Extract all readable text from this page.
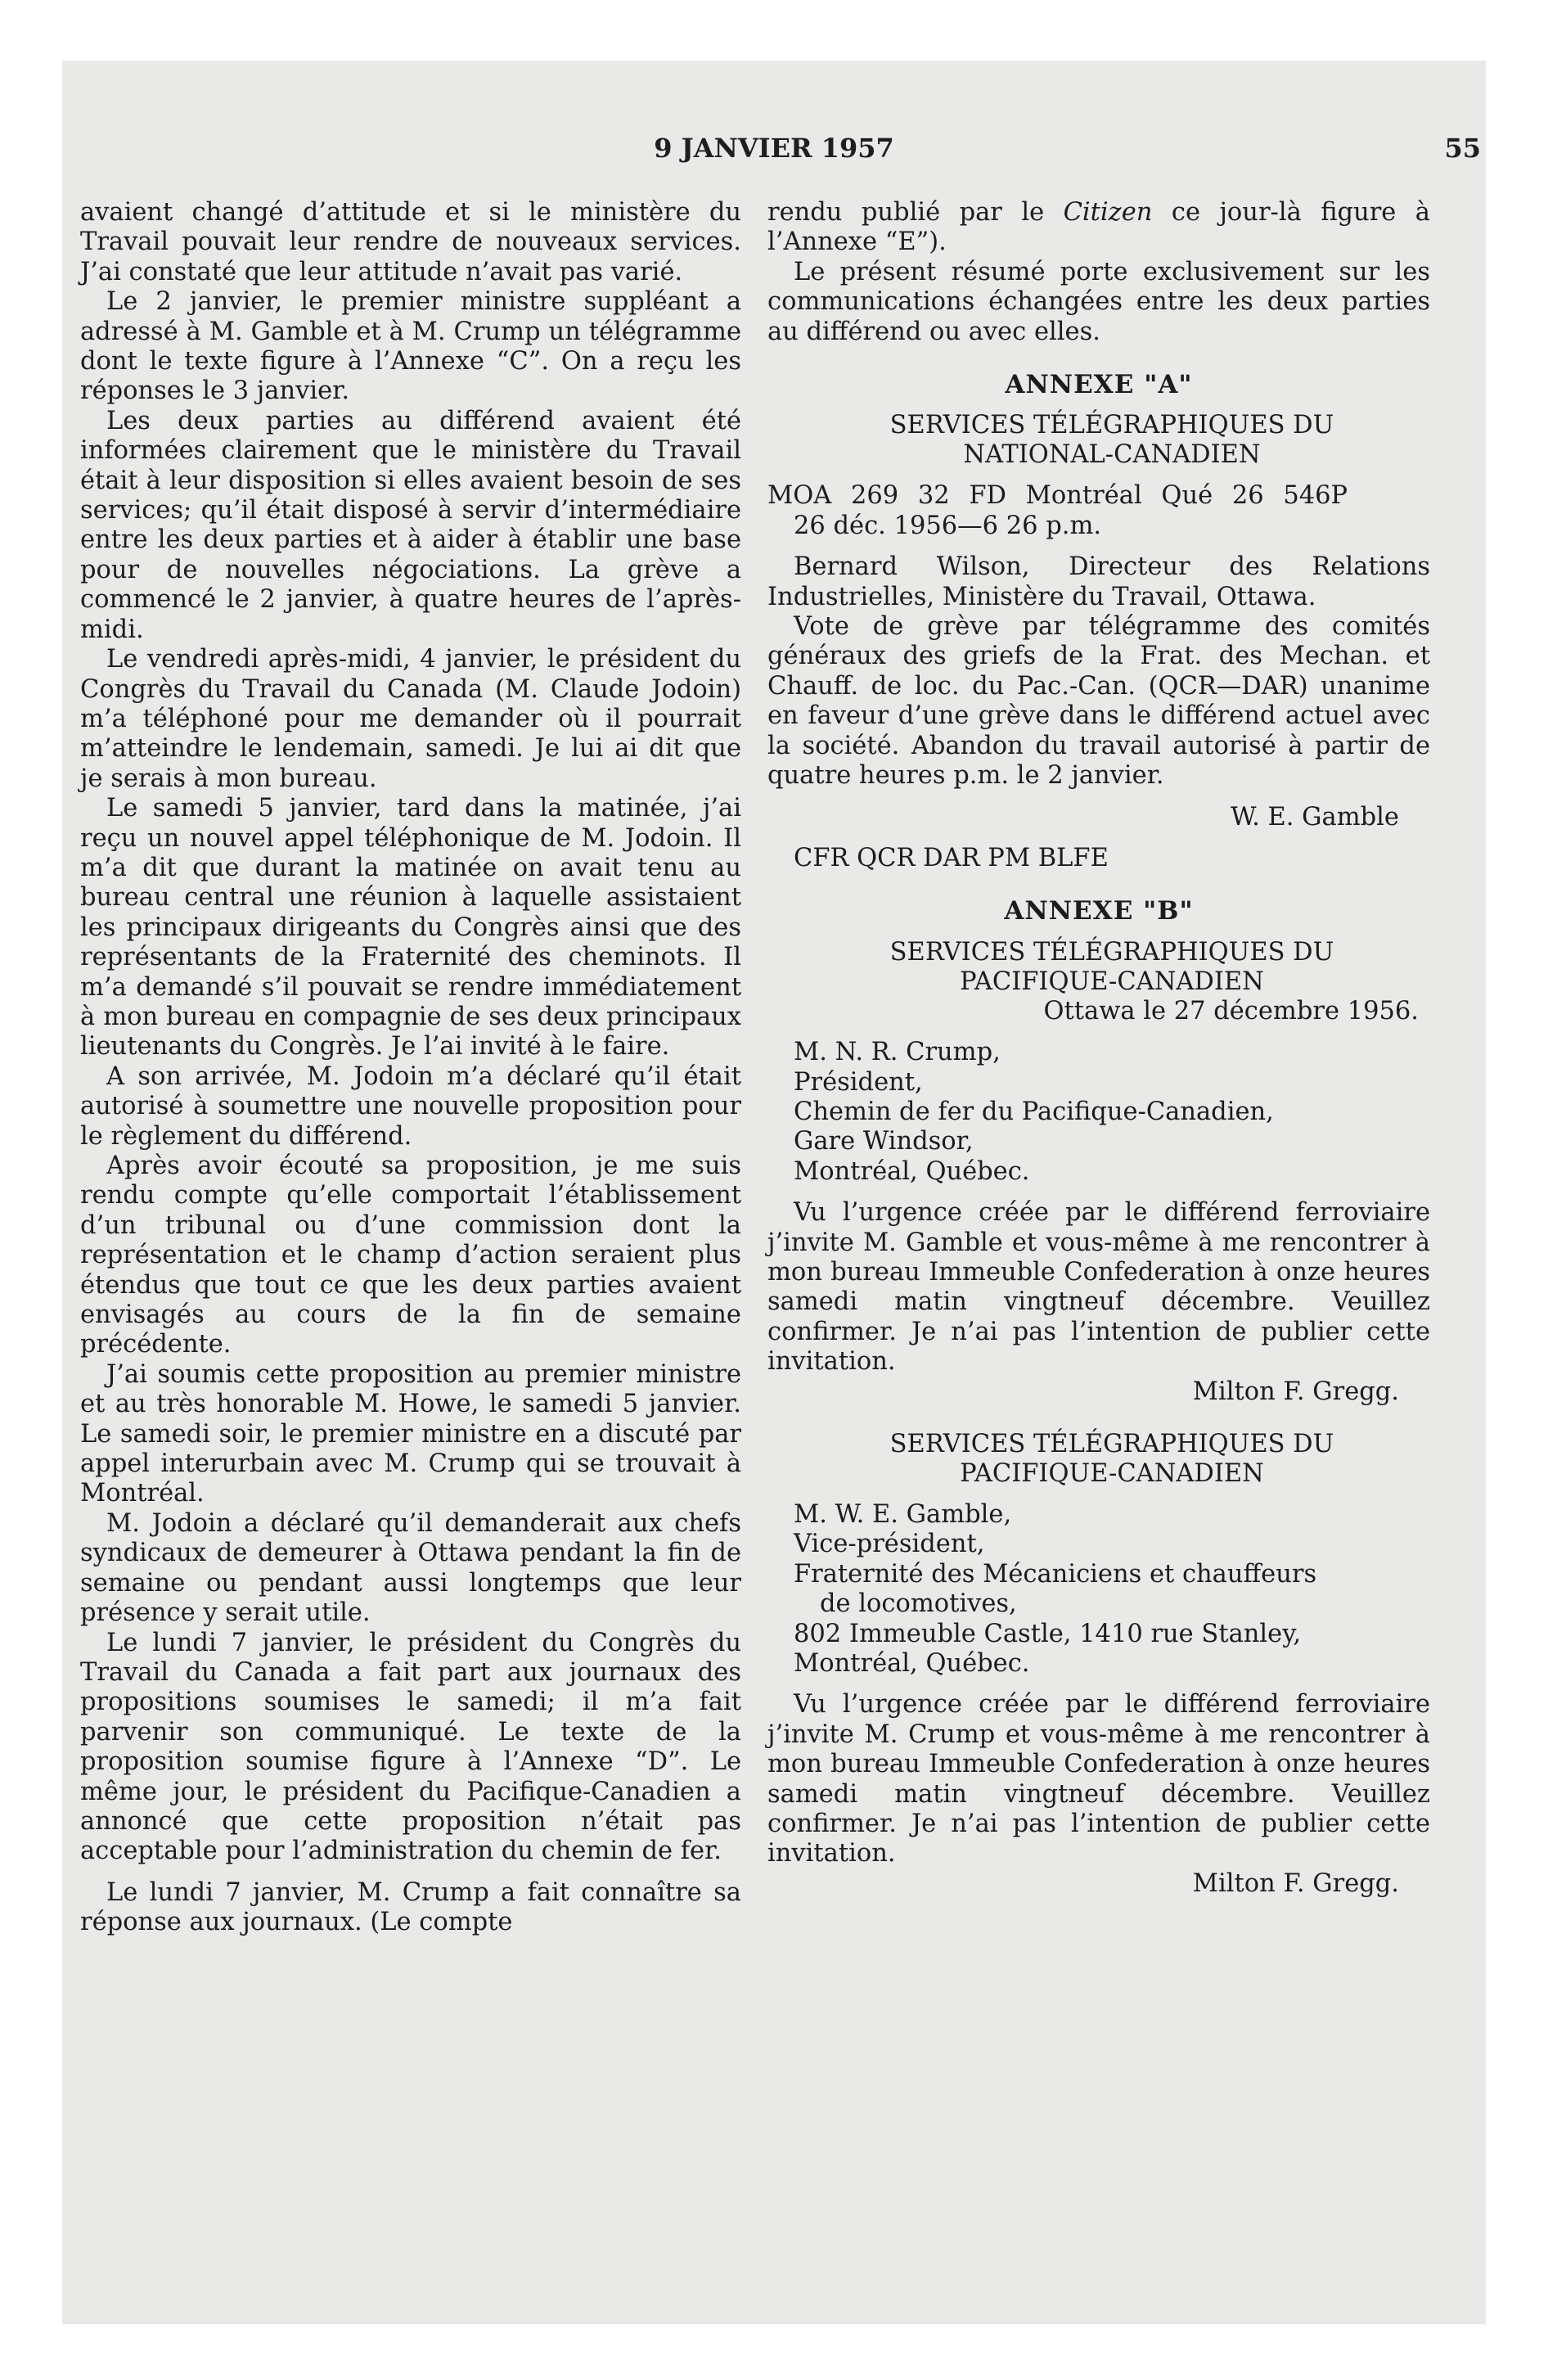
9 JANVIER 1957	55

avaient changé d’attitude et si le ministère du Travail pouvait leur rendre de nouveaux services. J’ai constaté que leur attitude n’avait pas varié.

Le 2 janvier, le premier ministre suppléant a adressé à M. Gamble et à M. Crump un télégramme dont le texte figure à l’Annexe “C”. On a reçu les réponses le 3 janvier.

Les deux parties au différend avaient été informées clairement que le ministère du Travail était à leur disposition si elles avaient besoin de ses services; qu’il était disposé à servir d’intermédiaire entre les deux parties et à aider à établir une base pour de nouvelles négociations. La grève a commencé le 2 janvier, à quatre heures de l’après-midi.

Le vendredi après-midi, 4 janvier, le président du Congrès du Travail du Canada (M. Claude Jodoin) m’a téléphoné pour me demander où il pourrait m’atteindre le lendemain, samedi. Je lui ai dit que je serais à mon bureau.

Le samedi 5 janvier, tard dans la matinée, j’ai reçu un nouvel appel téléphonique de M. Jodoin. Il m’a dit que durant la matinée on avait tenu au bureau central une réunion à laquelle assistaient les principaux dirigeants du Congrès ainsi que des représentants de la Fraternité des cheminots. Il m’a demandé s’il pouvait se rendre immédiatement à mon bureau en compagnie de ses deux principaux lieutenants du Congrès. Je l’ai invité à le faire.

A son arrivée, M. Jodoin m’a déclaré qu’il était autorisé à soumettre une nouvelle proposition pour le règlement du différend.

Après avoir écouté sa proposition, je me suis rendu compte qu’elle comportait l’établissement d’un tribunal ou d’une commission dont la représentation et le champ d’action seraient plus étendus que tout ce que les deux parties avaient envisagés au cours de la fin de semaine précédente.

J’ai soumis cette proposition au premier ministre et au très honorable M. Howe, le samedi 5 janvier. Le samedi soir, le premier ministre en a discuté par appel interurbain avec M. Crump qui se trouvait à Montréal.

M. Jodoin a déclaré qu’il demanderait aux chefs syndicaux de demeurer à Ottawa pendant la fin de semaine ou pendant aussi longtemps que leur présence y serait utile.

Le lundi 7 janvier, le président du Congrès du Travail du Canada a fait part aux journaux des propositions soumises le samedi; il m’a fait parvenir son communiqué. Le texte de la proposition soumise figure à l’Annexe “D”. Le même jour, le président du Pacifique-Canadien a annoncé que cette proposition n’était pas acceptable pour l’administration du chemin de fer.

Le lundi 7 janvier, M. Crump a fait connaître sa réponse aux journaux. (Le compte

rendu publié par le Citizen ce jour-là figure à l’Annexe “E”).

Le présent résumé porte exclusivement sur les communications échangées entre les deux parties au différend ou avec elles.

ANNEXE "A"

SERVICES TÉLÉGRAPHIQUES DU

NATIONAL-CANADIEN

MOA 269 32 FD Montréal Qué 26 546P

26 déc. 1956—6 26 p.m.

Bernard Wilson, Directeur des Relations Industrielles, Ministère du Travail, Ottawa.

Vote de grève par télégramme des comités généraux des griefs de la Frat. des Mechan. et Chauff. de loc. du Pac.-Can. (QCR—DAR) unanime en faveur d’une grève dans le différend actuel avec la société. Abandon du travail autorisé à partir de quatre heures p.m. le 2 janvier.

W. E. Gamble

CFR QCR DAR PM BLFE

ANNEXE "B"

SERVICES TÉLÉGRAPHIQUES DU

PACIFIQUE-CANADIEN

Ottawa le 27 décembre 1956.

M. N. R. Crump,

Président,

Chemin de fer du Pacifique-Canadien,

Gare Windsor,

Montréal, Québec.

Vu l’urgence créée par le différend ferroviaire j’invite M. Gamble et vous-même à me rencontrer à mon bureau Immeuble Confederation à onze heures samedi matin vingtneuf décembre. Veuillez confirmer. Je n’ai pas l’intention de publier cette invitation.

Milton F. Gregg.

SERVICES TÉLÉGRAPHIQUES DU

PACIFIQUE-CANADIEN

M. W. E. Gamble,

Vice-président,

Fraternité des Mécaniciens et chauffeurs

de locomotives,

802 Immeuble Castle, 1410 rue Stanley,

Montréal, Québec.

Vu l’urgence créée par le différend ferroviaire j’invite M. Crump et vous-même à me rencontrer à mon bureau Immeuble Confederation à onze heures samedi matin vingtneuf décembre. Veuillez confirmer. Je n’ai pas l’intention de publier cette invitation.

Milton F. Gregg.
